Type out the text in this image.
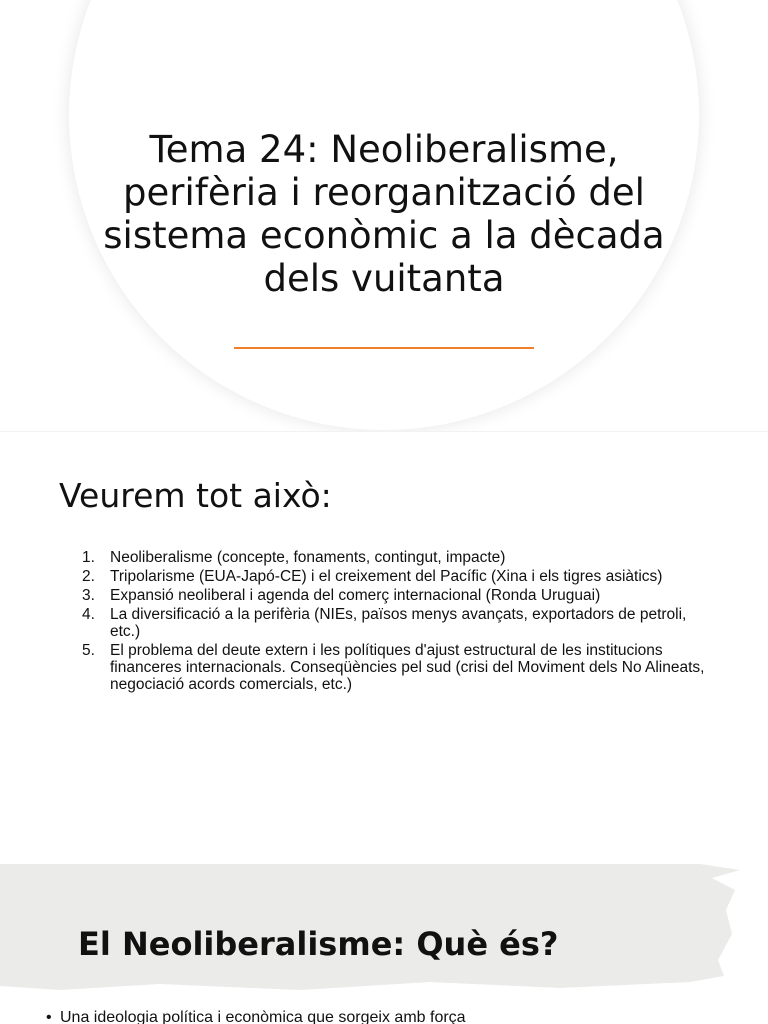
Tema 24: Neoliberalisme, perifèria i reorganització del sistema econòmic a la dècada dels vuitanta
Veurem tot això:
1. Neoliberalisme (concepte, fonaments, contingut, impacte)
2. Tripolarisme (EUA-Japó-CE) i el creixement del Pacífic (Xina i els tigres asiàtics)
3. Expansió neoliberal i agenda del comerç internacional (Ronda Uruguai)
4. La diversificació a la perifèria (NIEs, països menys avançats, exportadors de petroli, etc.)
5. El problema del deute extern i les polítiques d'ajust estructural de les institucions financeres internacionals. Conseqüències pel sud (crisi del Moviment dels No Alineats, negociació acords comercials, etc.)
El Neoliberalisme: Què és?
• Una ideologia política i econòmica que sorgeix amb força
